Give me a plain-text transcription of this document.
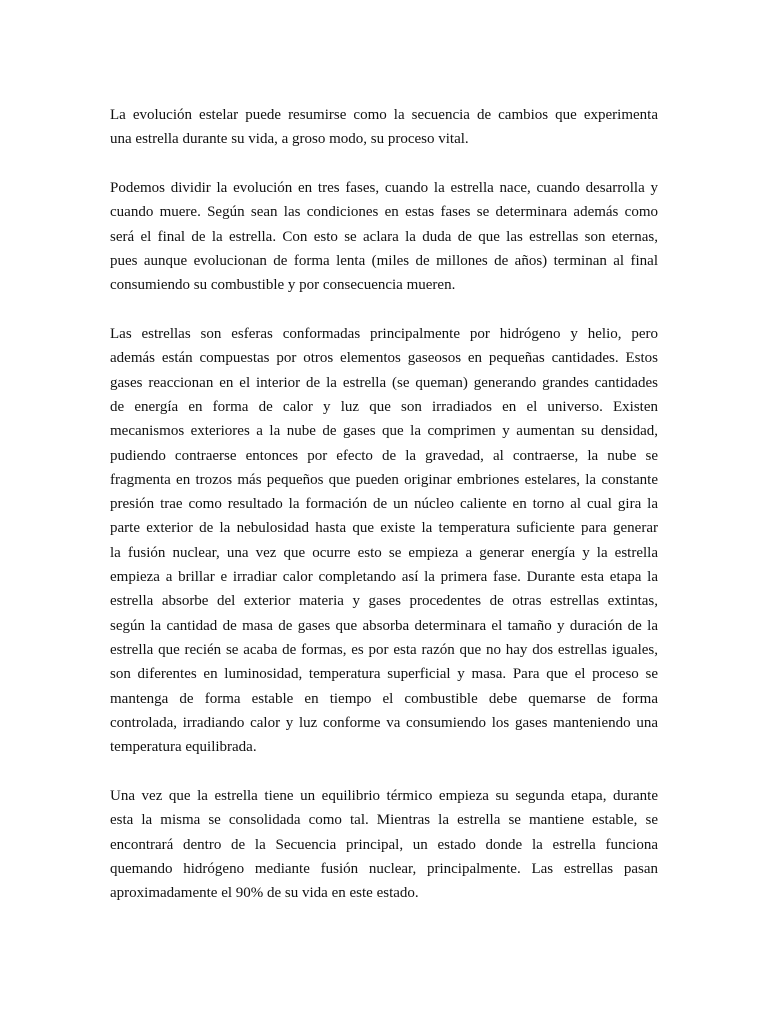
La evolución estelar puede resumirse como la secuencia de cambios que experimenta
una estrella durante su vida, a groso modo, su proceso vital.

Podemos dividir la evolución en tres fases, cuando la estrella nace, cuando desarrolla y
cuando muere. Según sean las condiciones en estas fases se determinara además como
será el final de la estrella. Con esto se aclara la duda de que las estrellas son eternas,
pues aunque evolucionan de forma lenta (miles de millones de años) terminan al final
consumiendo su combustible y por consecuencia mueren.

Las estrellas son esferas conformadas principalmente por hidrógeno y helio, pero
además están compuestas por otros elementos gaseosos en pequeñas cantidades. Estos
gases reaccionan en el interior de la estrella (se queman) generando grandes cantidades
de energía en forma de calor y luz que son irradiados en el universo. Existen
mecanismos exteriores a la nube de gases que la comprimen y aumentan su densidad,
pudiendo contraerse entonces por efecto de la gravedad, al contraerse, la nube se
fragmenta en trozos más pequeños que pueden originar embriones estelares, la constante
presión trae como resultado la formación de un núcleo caliente en torno al cual gira la
parte exterior de la nebulosidad hasta que existe la temperatura suficiente para generar
la fusión nuclear, una vez que ocurre esto se empieza a generar energía y la estrella
empieza a brillar e irradiar calor completando así la primera fase. Durante esta etapa la
estrella absorbe del exterior materia y gases procedentes de otras estrellas extintas,
según la cantidad de masa de gases que absorba determinara el tamaño y duración de la
estrella que recién se acaba de formas, es por esta razón que no hay dos estrellas iguales,
son diferentes en luminosidad, temperatura superficial y masa. Para que el proceso se
mantenga de forma estable en tiempo el combustible debe quemarse de forma
controlada, irradiando calor y luz conforme va consumiendo los gases manteniendo una
temperatura equilibrada.

Una vez que la estrella tiene un equilibrio térmico empieza su segunda etapa, durante
esta la misma se consolidada como tal. Mientras la estrella se mantiene estable, se
encontrará dentro de la Secuencia principal, un estado donde la estrella funciona
quemando hidrógeno mediante fusión nuclear, principalmente. Las estrellas pasan
aproximadamente el 90% de su vida en este estado.
